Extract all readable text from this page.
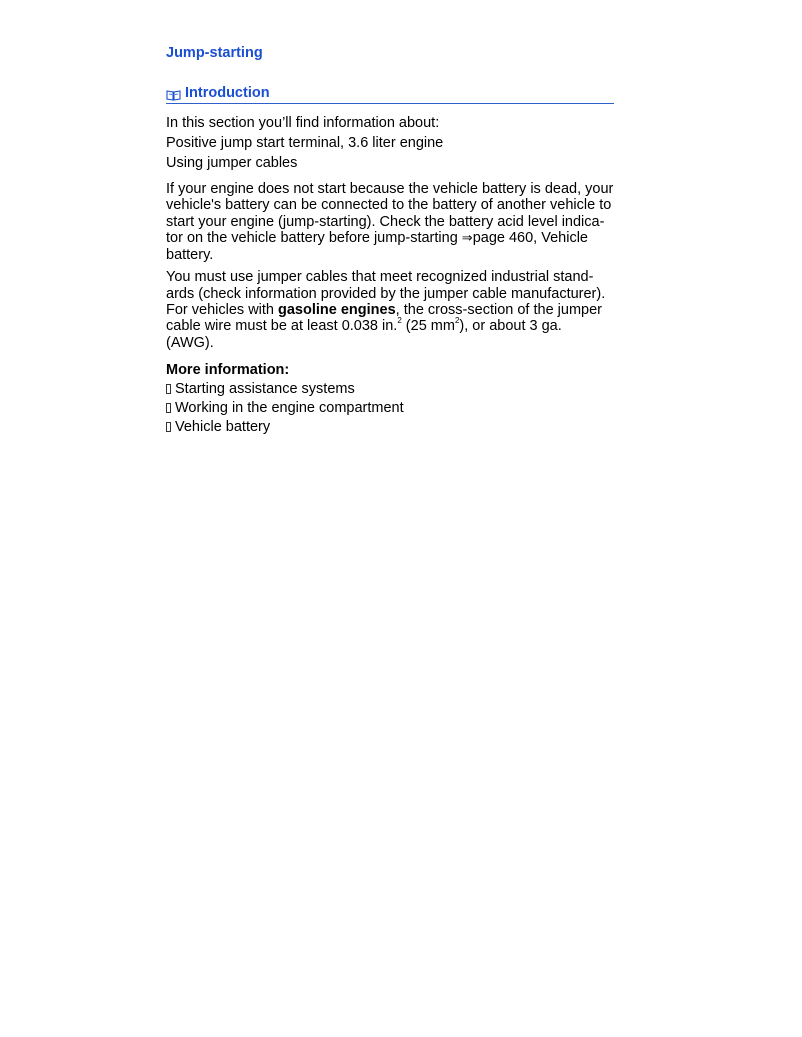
Jump-starting
Introduction

In this section you’ll find information about:

Positive jump start terminal, 3.6 liter engine

Using jumper cables

If your engine does not start because the vehicle battery is dead, your

vehicle's battery can be connected to the battery of another vehicle to

start your engine (jump-starting). Check the battery acid level indica-

tor on the vehicle battery before jump-starting ⇒page 460, Vehicle

battery.

You must use jumper cables that meet recognized industrial stand-

ards (check information provided by the jumper cable manufacturer).

For vehicles with gasoline engines, the cross-section of the jumper

cable wire must be at least 0.038 in.$^2$ (25 $mm^2$), or about 3 ga.

(AWG).

More information:
Starting assistance systems
Working in the engine compartment
Vehicle battery
